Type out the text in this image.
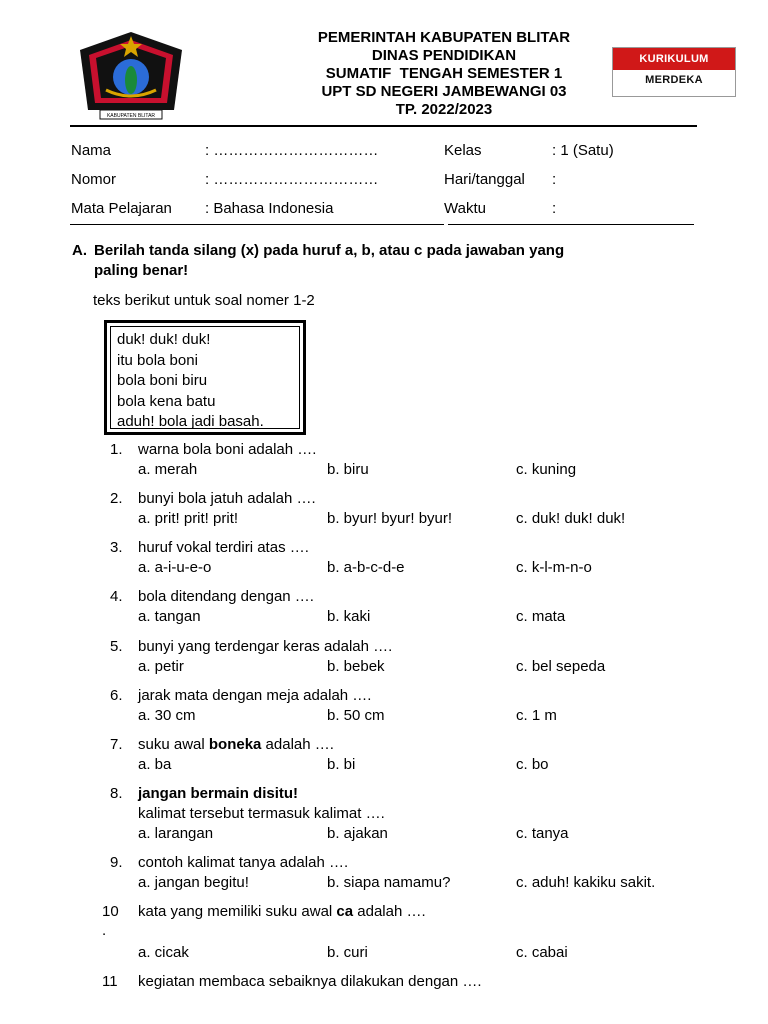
KABUPATEN BLITAR
PEMERINTAH KABUPATEN BLITAR
DINAS PENDIDIKAN
SUMATIF  TENGAH SEMESTER 1
UPT SD NEGERI JAMBEWANGI 03
TP. 2022/2023
KURIKULUM
MERDEKA
Nama	: ……………………………	Kelas	: 1 (Satu)
Nomor	: ……………………………	Hari/tanggal :
Mata Pelajaran : Bahasa Indonesia	Waktu	:
A. Berilah tanda silang (x) pada huruf a, b, atau c pada jawaban yang
paling benar!
teks berikut untuk soal nomer 1-2
duk! duk! duk!
itu bola boni
bola boni biru
bola kena batu
aduh! bola jadi basah.
1. warna bola boni adalah ….
a. merah	b. biru	c. kuning
2. bunyi bola jatuh adalah ….
a. prit! prit! prit!	b. byur! byur! byur!	c. duk! duk! duk!
3. huruf vokal terdiri atas ….
a. a-i-u-e-o	b. a-b-c-d-e	c. k-l-m-n-o
4. bola ditendang dengan ….
a. tangan	b. kaki	c. mata
5. bunyi yang terdengar keras adalah ….
a. petir	b. bebek	c. bel sepeda
6. jarak mata dengan meja adalah ….
a. 30 cm	b. 50 cm	c. 1 m
7. suku awal boneka adalah ….
a. ba	b. bi	c. bo
8. jangan bermain disitu!
kalimat tersebut termasuk kalimat ….
a. larangan	b. ajakan	c. tanya
9. contoh kalimat tanya adalah ….
a. jangan begitu!	b. siapa namamu?	c. aduh! kakiku sakit.
10
.
kata yang memiliki suku awal ca adalah ….
a. cicak	b. curi	c. cabai
11 kegiatan membaca sebaiknya dilakukan dengan ….
